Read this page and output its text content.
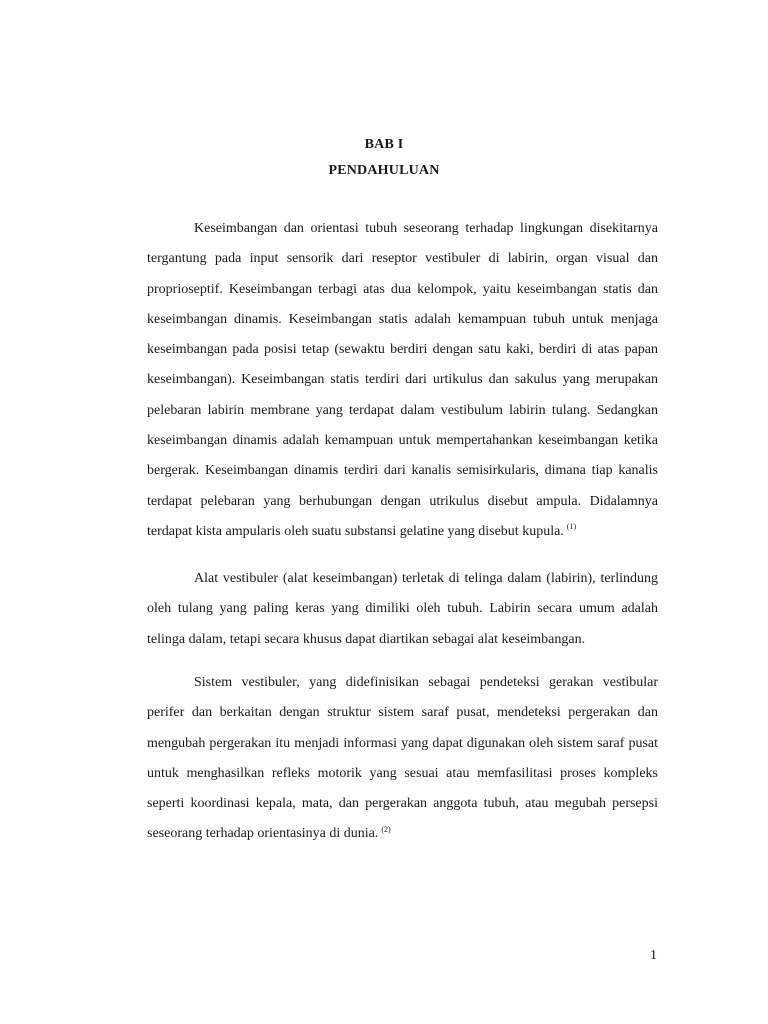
BAB I
PENDAHULUAN

Keseimbangan dan orientasi tubuh seseorang terhadap lingkungan disekitarnya
tergantung pada input sensorik dari reseptor vestibuler di labirin, organ visual dan
proprioseptif. Keseimbangan terbagi atas dua kelompok, yaitu keseimbangan statis dan
keseimbangan dinamis. Keseimbangan statis adalah kemampuan tubuh untuk menjaga
keseimbangan pada posisi tetap (sewaktu berdiri dengan satu kaki, berdiri di atas papan
keseimbangan). Keseimbangan statis terdiri dari urtikulus dan sakulus yang merupakan
pelebaran labirin membrane yang terdapat dalam vestibulum labirin tulang. Sedangkan
keseimbangan dinamis adalah kemampuan untuk mempertahankan keseimbangan ketika
bergerak. Keseimbangan dinamis terdiri dari kanalis semisirkularis, dimana tiap kanalis
terdapat pelebaran yang berhubungan dengan utrikulus disebut ampula. Didalamnya
terdapat kista ampularis oleh suatu substansi gelatine yang disebut kupula. $^{(1)}$

Alat vestibuler (alat keseimbangan) terletak di telinga dalam (labirin), terlindung
oleh tulang yang paling keras yang dimiliki oleh tubuh. Labirin secara umum adalah
telinga dalam, tetapi secara khusus dapat diartikan sebagai alat keseimbangan.

Sistem vestibuler, yang didefinisikan sebagai pendeteksi gerakan vestibular
perifer dan berkaitan dengan struktur sistem saraf pusat, mendeteksi pergerakan dan
mengubah pergerakan itu menjadi informasi yang dapat digunakan oleh sistem saraf pusat
untuk menghasilkan refleks motorik yang sesuai atau memfasilitasi proses kompleks
seperti koordinasi kepala, mata, dan pergerakan anggota tubuh, atau megubah persepsi
seseorang terhadap orientasinya di dunia. $^{(2)}$

1
